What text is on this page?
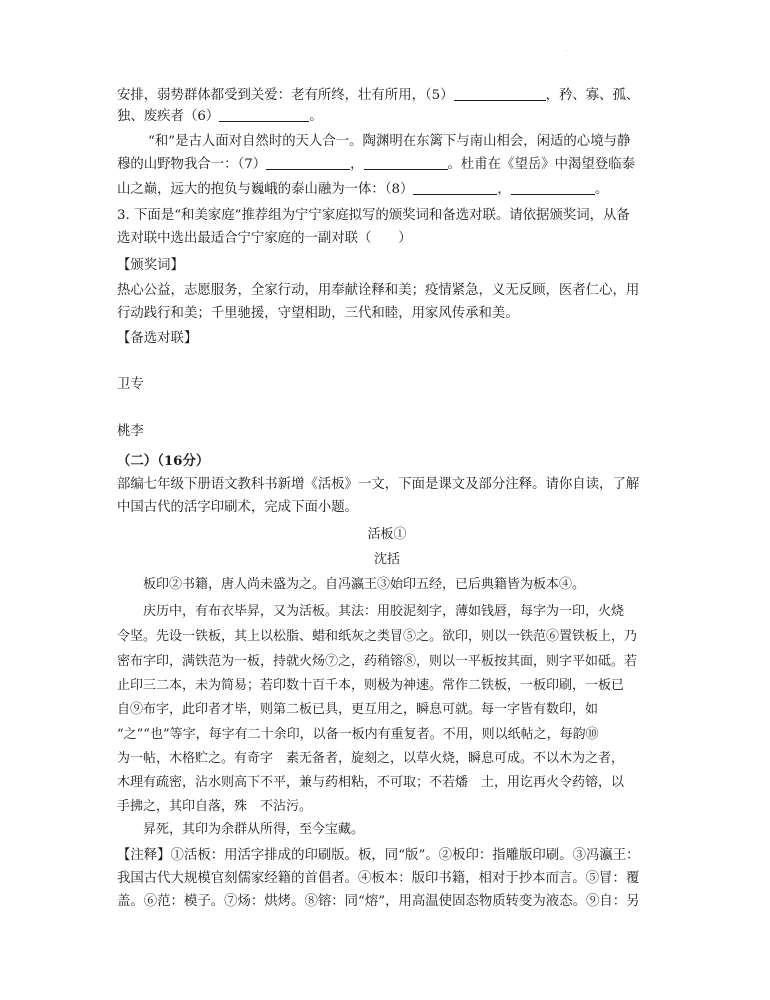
·
安排，弱势群体都受到关爱：老有所终，壮有所用，（5）	，矜、寡、孤、
独、废疾者（6）	。
“和”是古人面对自然时的天人合一。陶渊明在东篱下与南山相会，闲适的心境与静
穆的山野物我合一：（7）	，	。杜甫在《望岳》中渴望登临泰
山之巅，远大的抱负与巍峨的泰山融为一体：（8）	，	。
3. 下面是“和美家庭”推荐组为宁宁家庭拟写的颁奖词和备选对联。请依据颁奖词，从备
选对联中选出最适合宁宁家庭的一副对联（　　）
【颁奖词】
热心公益，志愿服务，全家行动，用奉献诠释和美；疫情紧急，义无反顾，医者仁心，用
行动践行和美；千里驰援，守望相助，三代和睦，用家风传承和美。
【备选对联】
卫专
桃李
（二）（16分）
部编七年级下册语文教科书新增《活板》一文，下面是课文及部分注释。请你自读，了解
中国古代的活字印刷术，完成下面小题。
活板①
沈括
板印②书籍，唐人尚未盛为之。自冯瀛王③始印五经，已后典籍皆为板本④。
庆历中，有布衣毕昇，又为活板。其法：用胶泥刻字，薄如钱唇，每字为一印，火烧
令坚。先设一铁板，其上以松脂、蜡和纸灰之类冒⑤之。欲印，则以一铁范⑥置铁板上，乃
密布字印，满铁范为一板，持就火炀⑦之，药稍镕⑧，则以一平板按其面，则字平如砥。若
止印三二本，未为简易；若印数十百千本，则极为神速。常作二铁板，一板印刷，一板已
自⑨布字，此印者才毕，则第二板已具，更互用之，瞬息可就。每一字皆有数印，如
“之”“也”等字，每字有二十余印，以备一板内有重复者。不用，则以纸帖之，每韵⑩
为一帖，木格贮之。有奇字　素无备者，旋刻之，以草火烧，瞬息可成。不以木为之者，
木理有疏密，沾水则高下不平，兼与药相粘，不可取；不若燔　土，用讫再火令药镕，以
手拂之，其印自落，殊　不沾污。
昇死，其印为余群从所得，至今宝藏。
【注释】①活板：用活字排成的印刷版。板，同“版”。②板印：指雕版印刷。③冯瀛王：
我国古代大规模官刻儒家经籍的首倡者。④板本：版印书籍，相对于抄本而言。⑤冒：覆
盖。⑥范：模子。⑦炀：烘烤。⑧镕：同“熔”，用高温使固态物质转变为液态。⑨自：另
